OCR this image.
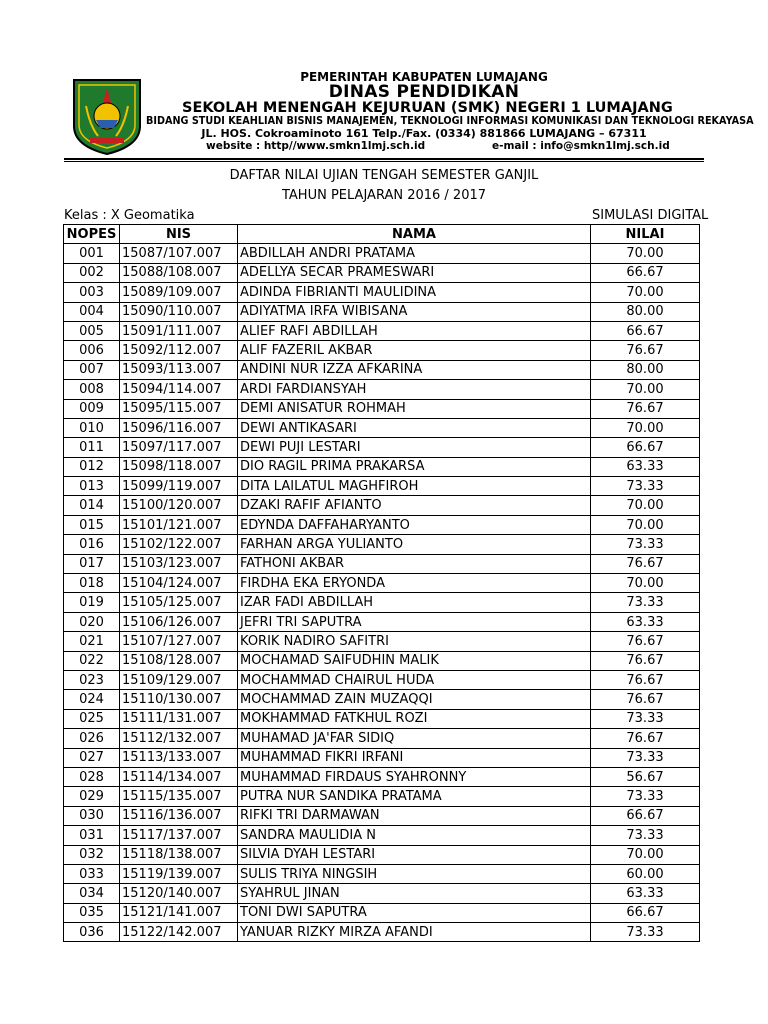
PEMERINTAH KABUPATEN LUMAJANG
DINAS PENDIDIKAN
SEKOLAH MENENGAH KEJURUAN (SMK) NEGERI 1 LUMAJANG
BIDANG STUDI KEAHLIAN BISNIS MANAJEMEN, TEKNOLOGI INFORMASI KOMUNIKASI DAN TEKNOLOGI REKAYASA
JL. HOS. Cokroaminoto 161 Telp./Fax. (0334) 881866 LUMAJANG – 67311
website : http//www.smkn1lmj.sch.id	e-mail : info@smkn1lmj.sch.id
DAFTAR NILAI UJIAN TENGAH SEMESTER GANJIL
TAHUN PELAJARAN 2016 / 2017
Kelas : X Geomatika	SIMULASI DIGITAL
NOPES	NIS	NAMA	NILAI
001	15087/107.007	ABDILLAH ANDRI PRATAMA	70.00
002	15088/108.007	ADELLYA SECAR PRAMESWARI	66.67
003	15089/109.007	ADINDA FIBRIANTI MAULIDINA	70.00
004	15090/110.007	ADIYATMA IRFA WIBISANA	80.00
005	15091/111.007	ALIEF RAFI ABDILLAH	66.67
006	15092/112.007	ALIF FAZERIL AKBAR	76.67
007	15093/113.007	ANDINI NUR IZZA AFKARINA	80.00
008	15094/114.007	ARDI FARDIANSYAH	70.00
009	15095/115.007	DEMI ANISATUR ROHMAH	76.67
010	15096/116.007	DEWI ANTIKASARI	70.00
011	15097/117.007	DEWI PUJI LESTARI	66.67
012	15098/118.007	DIO RAGIL PRIMA PRAKARSA	63.33
013	15099/119.007	DITA LAILATUL MAGHFIROH	73.33
014	15100/120.007	DZAKI RAFIF AFIANTO	70.00
015	15101/121.007	EDYNDA DAFFAHARYANTO	70.00
016	15102/122.007	FARHAN ARGA YULIANTO	73.33
017	15103/123.007	FATHONI AKBAR	76.67
018	15104/124.007	FIRDHA EKA ERYONDA	70.00
019	15105/125.007	IZAR FADI ABDILLAH	73.33
020	15106/126.007	JEFRI TRI SAPUTRA	63.33
021	15107/127.007	KORIK NADIRO SAFITRI	76.67
022	15108/128.007	MOCHAMAD SAIFUDHIN MALIK	76.67
023	15109/129.007	MOCHAMMAD CHAIRUL HUDA	76.67
024	15110/130.007	MOCHAMMAD ZAIN MUZAQQI	76.67
025	15111/131.007	MOKHAMMAD FATKHUL ROZI	73.33
026	15112/132.007	MUHAMAD JA'FAR SIDIQ	76.67
027	15113/133.007	MUHAMMAD FIKRI IRFANI	73.33
028	15114/134.007	MUHAMMAD FIRDAUS SYAHRONNY	56.67
029	15115/135.007	PUTRA NUR SANDIKA PRATAMA	73.33
030	15116/136.007	RIFKI TRI DARMAWAN	66.67
031	15117/137.007	SANDRA MAULIDIA N	73.33
032	15118/138.007	SILVIA DYAH LESTARI	70.00
033	15119/139.007	SULIS TRIYA NINGSIH	60.00
034	15120/140.007	SYAHRUL JINAN	63.33
035	15121/141.007	TONI DWI SAPUTRA	66.67
036	15122/142.007	YANUAR RIZKY MIRZA AFANDI	73.33
